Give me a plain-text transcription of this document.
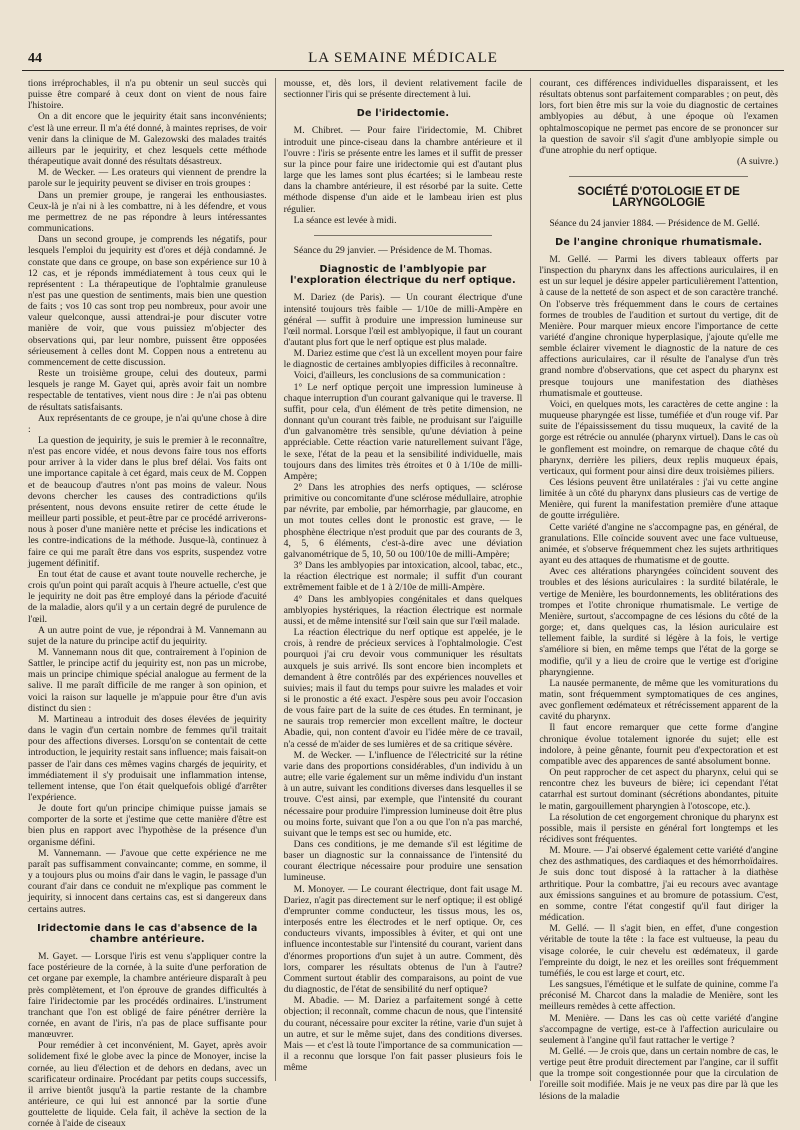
44	LA SEMAINE MÉDICALE

tions irréprochables, il n'a pu obtenir un seul succès qui puisse être comparé à ceux dont on vient de nous faire l'histoire.

On a dit encore que le jequirity était sans inconvénients; c'est là une erreur. Il m'a été donné, à maintes reprises, de voir venir dans la clinique de M. Galezowski des malades traités ailleurs par le jequirity, et chez lesquels cette méthode thérapeutique avait donné des résultats désastreux.

M. de Wecker. — Les orateurs qui viennent de prendre la parole sur le jequirity peuvent se diviser en trois groupes :

Dans un premier groupe, je rangerai les enthousiastes. Ceux-là je n'ai ni à les combattre, ni à les défendre, et vous me permettrez de ne pas répondre à leurs intéressantes communications.

Dans un second groupe, je comprends les négatifs, pour lesquels l'emploi du jequirity est d'ores et déjà condamné. Je constate que dans ce groupe, on base son expérience sur 10 à 12 cas, et je réponds immédiatement à tous ceux qui le représentent : La thérapeutique de l'ophtalmie granuleuse n'est pas une question de sentiments, mais bien une question de faits ; vos 10 cas sont trop peu nombreux, pour avoir une valeur quelconque, aussi attendrai-je pour discuter votre manière de voir, que vous puissiez m'objecter des observations qui, par leur nombre, puissent être opposées sérieusement à celles dont M. Coppen nous a entretenu au commencement de cette discussion.

Reste un troisième groupe, celui des douteux, parmi lesquels je range M. Gayet qui, après avoir fait un nombre respectable de tentatives, vient nous dire : Je n'ai pas obtenu de résultats satisfaisants.

Aux représentants de ce groupe, je n'ai qu'une chose à dire :

La question de jequirity, je suis le premier à le reconnaître, n'est pas encore vidée, et nous devons faire tous nos efforts pour arriver à la vider dans le plus bref délai. Vos faits ont une importance capitale à cet égard, mais ceux de M. Coppen et de beaucoup d'autres n'ont pas moins de valeur. Nous devons chercher les causes des contradictions qu'ils présentent, nous devons ensuite retirer de cette étude le meilleur parti possible, et peut-être par ce procédé arriverons-nous à poser d'une manière nette et précise les indications et les contre-indications de la méthode. Jusque-là, continuez à faire ce qui me paraît être dans vos esprits, suspendez votre jugement définitif.

En tout état de cause et avant toute nouvelle recherche, je crois qu'un point qui paraît acquis à l'heure actuelle, c'est que le jequirity ne doit pas être employé dans la période d'acuité de la maladie, alors qu'il y a un certain degré de purulence de l'œil.

A un autre point de vue, je répondrai à M. Vannemann au sujet de la nature du principe actif du jequirity.

M. Vannemann nous dit que, contrairement à l'opinion de Sattler, le principe actif du jequirity est, non pas un microbe, mais un principe chimique spécial analogue au ferment de la salive. Il me paraît difficile de me ranger à son opinion, et voici la raison sur laquelle je m'appuie pour être d'un avis distinct du sien :

M. Martineau a introduit des doses élevées de jequirity dans le vagin d'un certain nombre de femmes qu'il traitait pour des affections diverses. Lorsqu'on se contentait de cette introduction, le jequirity restait sans influence; mais faisait-on passer de l'air dans ces mêmes vagins chargés de jequirity, et immédiatement il s'y produisait une inflammation intense, tellement intense, que l'on était quelquefois obligé d'arrêter l'expérience.

Je doute fort qu'un principe chimique puisse jamais se comporter de la sorte et j'estime que cette manière d'être est bien plus en rapport avec l'hypothèse de la présence d'un organisme défini.

M. Vannemann. — J'avoue que cette expérience ne me paraît pas suffisamment convaincante; comme, en somme, il y a toujours plus ou moins d'air dans le vagin, le passage d'un courant d'air dans ce conduit ne m'explique pas comment le jequirity, si innocent dans certains cas, est si dangereux dans certains autres.

Iridectomie dans le cas d'absence de la chambre antérieure.

M. Gayet. — Lorsque l'iris est venu s'appliquer contre la face postérieure de la cornée, à la suite d'une perforation de cet organe par exemple, la chambre antérieure disparaît à peu près complètement, et l'on éprouve de grandes difficultés à faire l'iridectomie par les procédés ordinaires. L'instrument tranchant que l'on est obligé de faire pénétrer derrière la cornée, en avant de l'iris, n'a pas de place suffisante pour manœuvrer.

Pour remédier à cet inconvénient, M. Gayet, après avoir solidement fixé le globe avec la pince de Monoyer, incise la cornée, au lieu d'élection et de dehors en dedans, avec un scarificateur ordinaire. Procédant par petits coups successifs, il arrive bientôt jusqu'à la partie restante de la chambre antérieure, ce qui lui est annoncé par la sortie d'une gouttelette de liquide. Cela fait, il achève la section de la cornée à l'aide de ciseaux

mousse, et, dès lors, il devient relativement facile de sectionner l'iris qui se présente directement à lui.

De l'iridectomie.

M. Chibret. — Pour faire l'iridectomie, M. Chibret introduit une pince-ciseau dans la chambre antérieure et il l'ouvre : l'iris se présente entre les lames et il suffit de presser sur la pince pour faire une iridectomie qui est d'autant plus large que les lames sont plus écartées; si le lambeau reste dans la chambre antérieure, il est résorbé par la suite. Cette méthode dispense d'un aide et le lambeau irien est plus régulier.

La séance est levée à midi.

Séance du 29 janvier. — Présidence de M. Thomas.

Diagnostic de l'amblyopie par l'exploration électrique du nerf optique.

M. Dariez (de Paris). — Un courant électrique d'une intensité toujours très faible — 1/10e de milli-Ampère en général — suffit à produire une impression lumineuse sur l'œil normal. Lorsque l'œil est amblyopique, il faut un courant d'autant plus fort que le nerf optique est plus malade.

M. Dariez estime que c'est là un excellent moyen pour faire le diagnostic de certaines amblyopies difficiles à reconnaître.

Voici, d'ailleurs, les conclusions de sa communication :

1° Le nerf optique perçoit une impression lumineuse à chaque interruption d'un courant galvanique qui le traverse. Il suffit, pour cela, d'un élément de très petite dimension, ne donnant qu'un courant très faible, ne produisant sur l'aiguille d'un galvanomètre très sensible, qu'une déviation à peine appréciable. Cette réaction varie naturellement suivant l'âge, le sexe, l'état de la peau et la sensibilité individuelle, mais toujours dans des limites très étroites et 0 à 1/10e de milli-Ampère;

2° Dans les atrophies des nerfs optiques, — sclérose primitive ou concomitante d'une sclérose médullaire, atrophie par névrite, par embolie, par hémorrhagie, par glaucome, en un mot toutes celles dont le pronostic est grave, — le phosphène électrique n'est produit que par des courants de 3, 4, 5, 6 éléments, c'est-à-dire avec une déviation galvanométrique de 5, 10, 50 ou 100/10e de milli-Ampère;

3° Dans les amblyopies par intoxication, alcool, tabac, etc., la réaction électrique est normale; il suffit d'un courant extrêmement faible et de 1 à 2/10e de milli-Ampère.

4° Dans les amblyopies congénitales et dans quelques amblyopies hystériques, la réaction électrique est normale aussi, et de même intensité sur l'œil sain que sur l'œil malade.

La réaction électrique du nerf optique est appelée, je le crois, à rendre de précieux services à l'ophtalmologie. C'est pourquoi j'ai cru devoir vous communiquer les résultats auxquels je suis arrivé. Ils sont encore bien incomplets et demandent à être contrôlés par des expériences nouvelles et suivies; mais il faut du temps pour suivre les malades et voir si le pronostic a été exact. J'espère sous peu avoir l'occasion de vous faire part de la suite de ces études. En terminant, je ne saurais trop remercier mon excellent maître, le docteur Abadie, qui, non content d'avoir eu l'idée mère de ce travail, n'a cessé de m'aider de ses lumières et de sa critique sévère.

M. de Wecker. — L'influence de l'électricité sur la rétine varie dans des proportions considérables, d'un individu à un autre; elle varie également sur un même individu d'un instant à un autre, suivant les conditions diverses dans lesquelles il se trouve. C'est ainsi, par exemple, que l'intensité du courant nécessaire pour produire l'impression lumineuse doit être plus ou moins forte, suivant que l'on a ou que l'on n'a pas marché, suivant que le temps est sec ou humide, etc.

Dans ces conditions, je me demande s'il est légitime de baser un diagnostic sur la connaissance de l'intensité du courant électrique nécessaire pour produire une sensation lumineuse.

M. Monoyer. — Le courant électrique, dont fait usage M. Dariez, n'agit pas directement sur le nerf optique; il est obligé d'emprunter comme conducteur, les tissus mous, les os, interposés entre les électrodes et le nerf optique. Or, ces conducteurs vivants, impossibles à éviter, et qui ont une influence incontestable sur l'intensité du courant, varient dans d'énormes proportions d'un sujet à un autre. Comment, dès lors, comparer les résultats obtenus de l'un à l'autre? Comment surtout établir des comparaisons, au point de vue du diagnostic, de l'état de sensibilité du nerf optique?

M. Abadie. — M. Dariez a parfaitement songé à cette objection; il reconnaît, comme chacun de nous, que l'intensité du courant, nécessaire pour exciter la rétine, varie d'un sujet à un autre, et sur le même sujet, dans des conditions diverses. Mais — et c'est là toute l'importance de sa communication — il a reconnu que lorsque l'on fait passer plusieurs fois le même

courant, ces différences individuelles disparaissent, et les résultats obtenus sont parfaitement comparables ; on peut, dès lors, fort bien être mis sur la voie du diagnostic de certaines amblyopies au début, à une époque où l'examen ophtalmoscopique ne permet pas encore de se prononcer sur la question de savoir s'il s'agit d'une amblyopie simple ou d'une atrophie du nerf optique.

(A suivre.)

SOCIÉTÉ D'OTOLOGIE ET DE LARYNGOLOGIE

Séance du 24 janvier 1884. — Présidence de M. Gellé.

De l'angine chronique rhumatismale.

M. Gellé. — Parmi les divers tableaux offerts par l'inspection du pharynx dans les affections auriculaires, il en est un sur lequel je désire appeler particulièrement l'attention, à cause de la netteté de son aspect et de son caractère tranché. On l'observe très fréquemment dans le cours de certaines formes de troubles de l'audition et surtout du vertige, dit de Menière. Pour marquer mieux encore l'importance de cette variété d'angine chronique hyperplasique, j'ajoute qu'elle me semble éclairer vivement le diagnostic de la nature de ces affections auriculaires, car il résulte de l'analyse d'un très grand nombre d'observations, que cet aspect du pharynx est presque toujours une manifestation des diathèses rhumatismale et goutteuse.

Voici, en quelques mots, les caractères de cette angine : la muqueuse pharyngée est lisse, tuméfiée et d'un rouge vif. Par suite de l'épaississement du tissu muqueux, la cavité de la gorge est rétrécie ou annulée (pharynx virtuel). Dans le cas où le gonflement est moindre, on remarque de chaque côté du pharynx, derrière les piliers, deux replis muqueux épais, verticaux, qui forment pour ainsi dire deux troisièmes piliers.

Ces lésions peuvent être unilatérales : j'ai vu cette angine limitée à un côté du pharynx dans plusieurs cas de vertige de Menière, qui furent la manifestation première d'une attaque de goutte irrégulière.

Cette variété d'angine ne s'accompagne pas, en général, de granulations. Elle coïncide souvent avec une face vultueuse, animée, et s'observe fréquemment chez les sujets arthritiques ayant eu des attaques de rhumatisme et de goutte.

Avec ces altérations pharyngées coïncident souvent des troubles et des lésions auriculaires : la surdité bilatérale, le vertige de Menière, les bourdonnements, les oblitérations des trompes et l'otite chronique rhumatismale. Le vertige de Menière, surtout, s'accompagne de ces lésions du côté de la gorge; et, dans quelques cas, la lésion auriculaire est tellement faible, la surdité si légère à la fois, le vertige s'améliore si bien, en même temps que l'état de la gorge se modifie, qu'il y a lieu de croire que le vertige est d'origine pharyngienne.

La nausée permanente, de même que les vomiturations du matin, sont fréquemment symptomatiques de ces angines, avec gonflement œdémateux et rétrécissement apparent de la cavité du pharynx.

Il faut encore remarquer que cette forme d'angine chronique évolue totalement ignorée du sujet; elle est indolore, à peine gênante, fournit peu d'expectoration et est compatible avec des apparences de santé absolument bonne.

On peut rapprocher de cet aspect du pharynx, celui qui se rencontre chez les buveurs de bière; ici cependant l'état catarrhal est surtout dominant (sécrétions abondantes, pituite le matin, gargouillement pharyngien à l'otoscope, etc.).

La résolution de cet engorgement chronique du pharynx est possible, mais il persiste en général fort longtemps et les récidives sont fréquentes.

M. Moure. — J'ai observé également cette variété d'angine chez des asthmatiques, des cardiaques et des hémorrhoïdaires. Je suis donc tout disposé à la rattacher à la diathèse arthritique. Pour la combattre, j'ai eu recours avec avantage aux émissions sanguines et au bromure de potassium. C'est, en somme, contre l'état congestif qu'il faut diriger la médication.

M. Gellé. — Il s'agit bien, en effet, d'une congestion véritable de toute la tête : la face est vultueuse, la peau du visage colorée, le cuir chevelu est œdémateux, il garde l'empreinte du doigt, le nez et les oreilles sont fréquemment tuméfiés, le cou est large et court, etc.

Les sangsues, l'émétique et le sulfate de quinine, comme l'a préconisé M. Charcot dans la maladie de Menière, sont les meilleurs remèdes à cette affection.

M. Menière. — Dans les cas où cette variété d'angine s'accompagne de vertige, est-ce à l'affection auriculaire ou seulement à l'angine qu'il faut rattacher le vertige ?

M. Gellé. — Je crois que, dans un certain nombre de cas, le vertige peut être produit directement par l'angine, car il suffit que la trompe soit congestionnée pour que la circulation de l'oreille soit modifiée. Mais je ne veux pas dire par là que les lésions de la maladie
